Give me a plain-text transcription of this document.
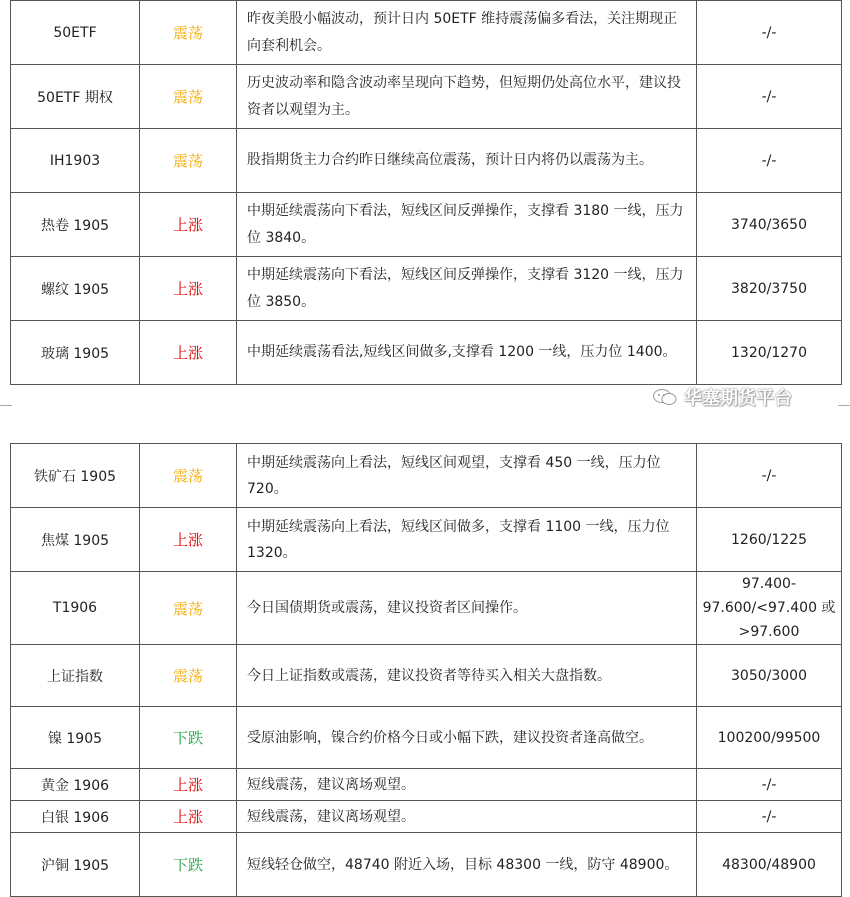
50ETF	震荡	昨夜美股小幅波动，预计日内 50ETF 维持震荡偏多看法，关注期现正向套利机会。	-/-
50ETF 期权	震荡	历史波动率和隐含波动率呈现向下趋势，但短期仍处高位水平，建议投资者以观望为主。	-/-
IH1903	震荡	股指期货主力合约昨日继续高位震荡，预计日内将仍以震荡为主。	-/-
热卷 1905	上涨	中期延续震荡向下看法，短线区间反弹操作，支撑看 3180 一线，压力位 3840。	3740/3650
螺纹 1905	上涨	中期延续震荡向下看法，短线区间反弹操作，支撑看 3120 一线，压力位 3850。	3820/3750
玻璃 1905	上涨	中期延续震荡看法,短线区间做多,支撑看 1200 一线，压力位 1400。	1320/1270
华塞期货平台
铁矿石 1905	震荡	中期延续震荡向上看法，短线区间观望，支撑看 450 一线，压力位 720。	-/-
焦煤 1905	上涨	中期延续震荡向上看法，短线区间做多，支撑看 1100 一线，压力位 1320。	1260/1225
T1906	震荡	今日国债期货或震荡，建议投资者区间操作。	97.400-97.600/<97.400 或>97.600
上证指数	震荡	今日上证指数或震荡，建议投资者等待买入相关大盘指数。	3050/3000
镍 1905	下跌	受原油影响，镍合约价格今日或小幅下跌，建议投资者逢高做空。	100200/99500
黄金 1906	上涨	短线震荡，建议离场观望。	-/-
白银 1906	上涨	短线震荡，建议离场观望。	-/-
沪铜 1905	下跌	短线轻仓做空，48740 附近入场，目标 48300 一线，防守 48900。	48300/48900
